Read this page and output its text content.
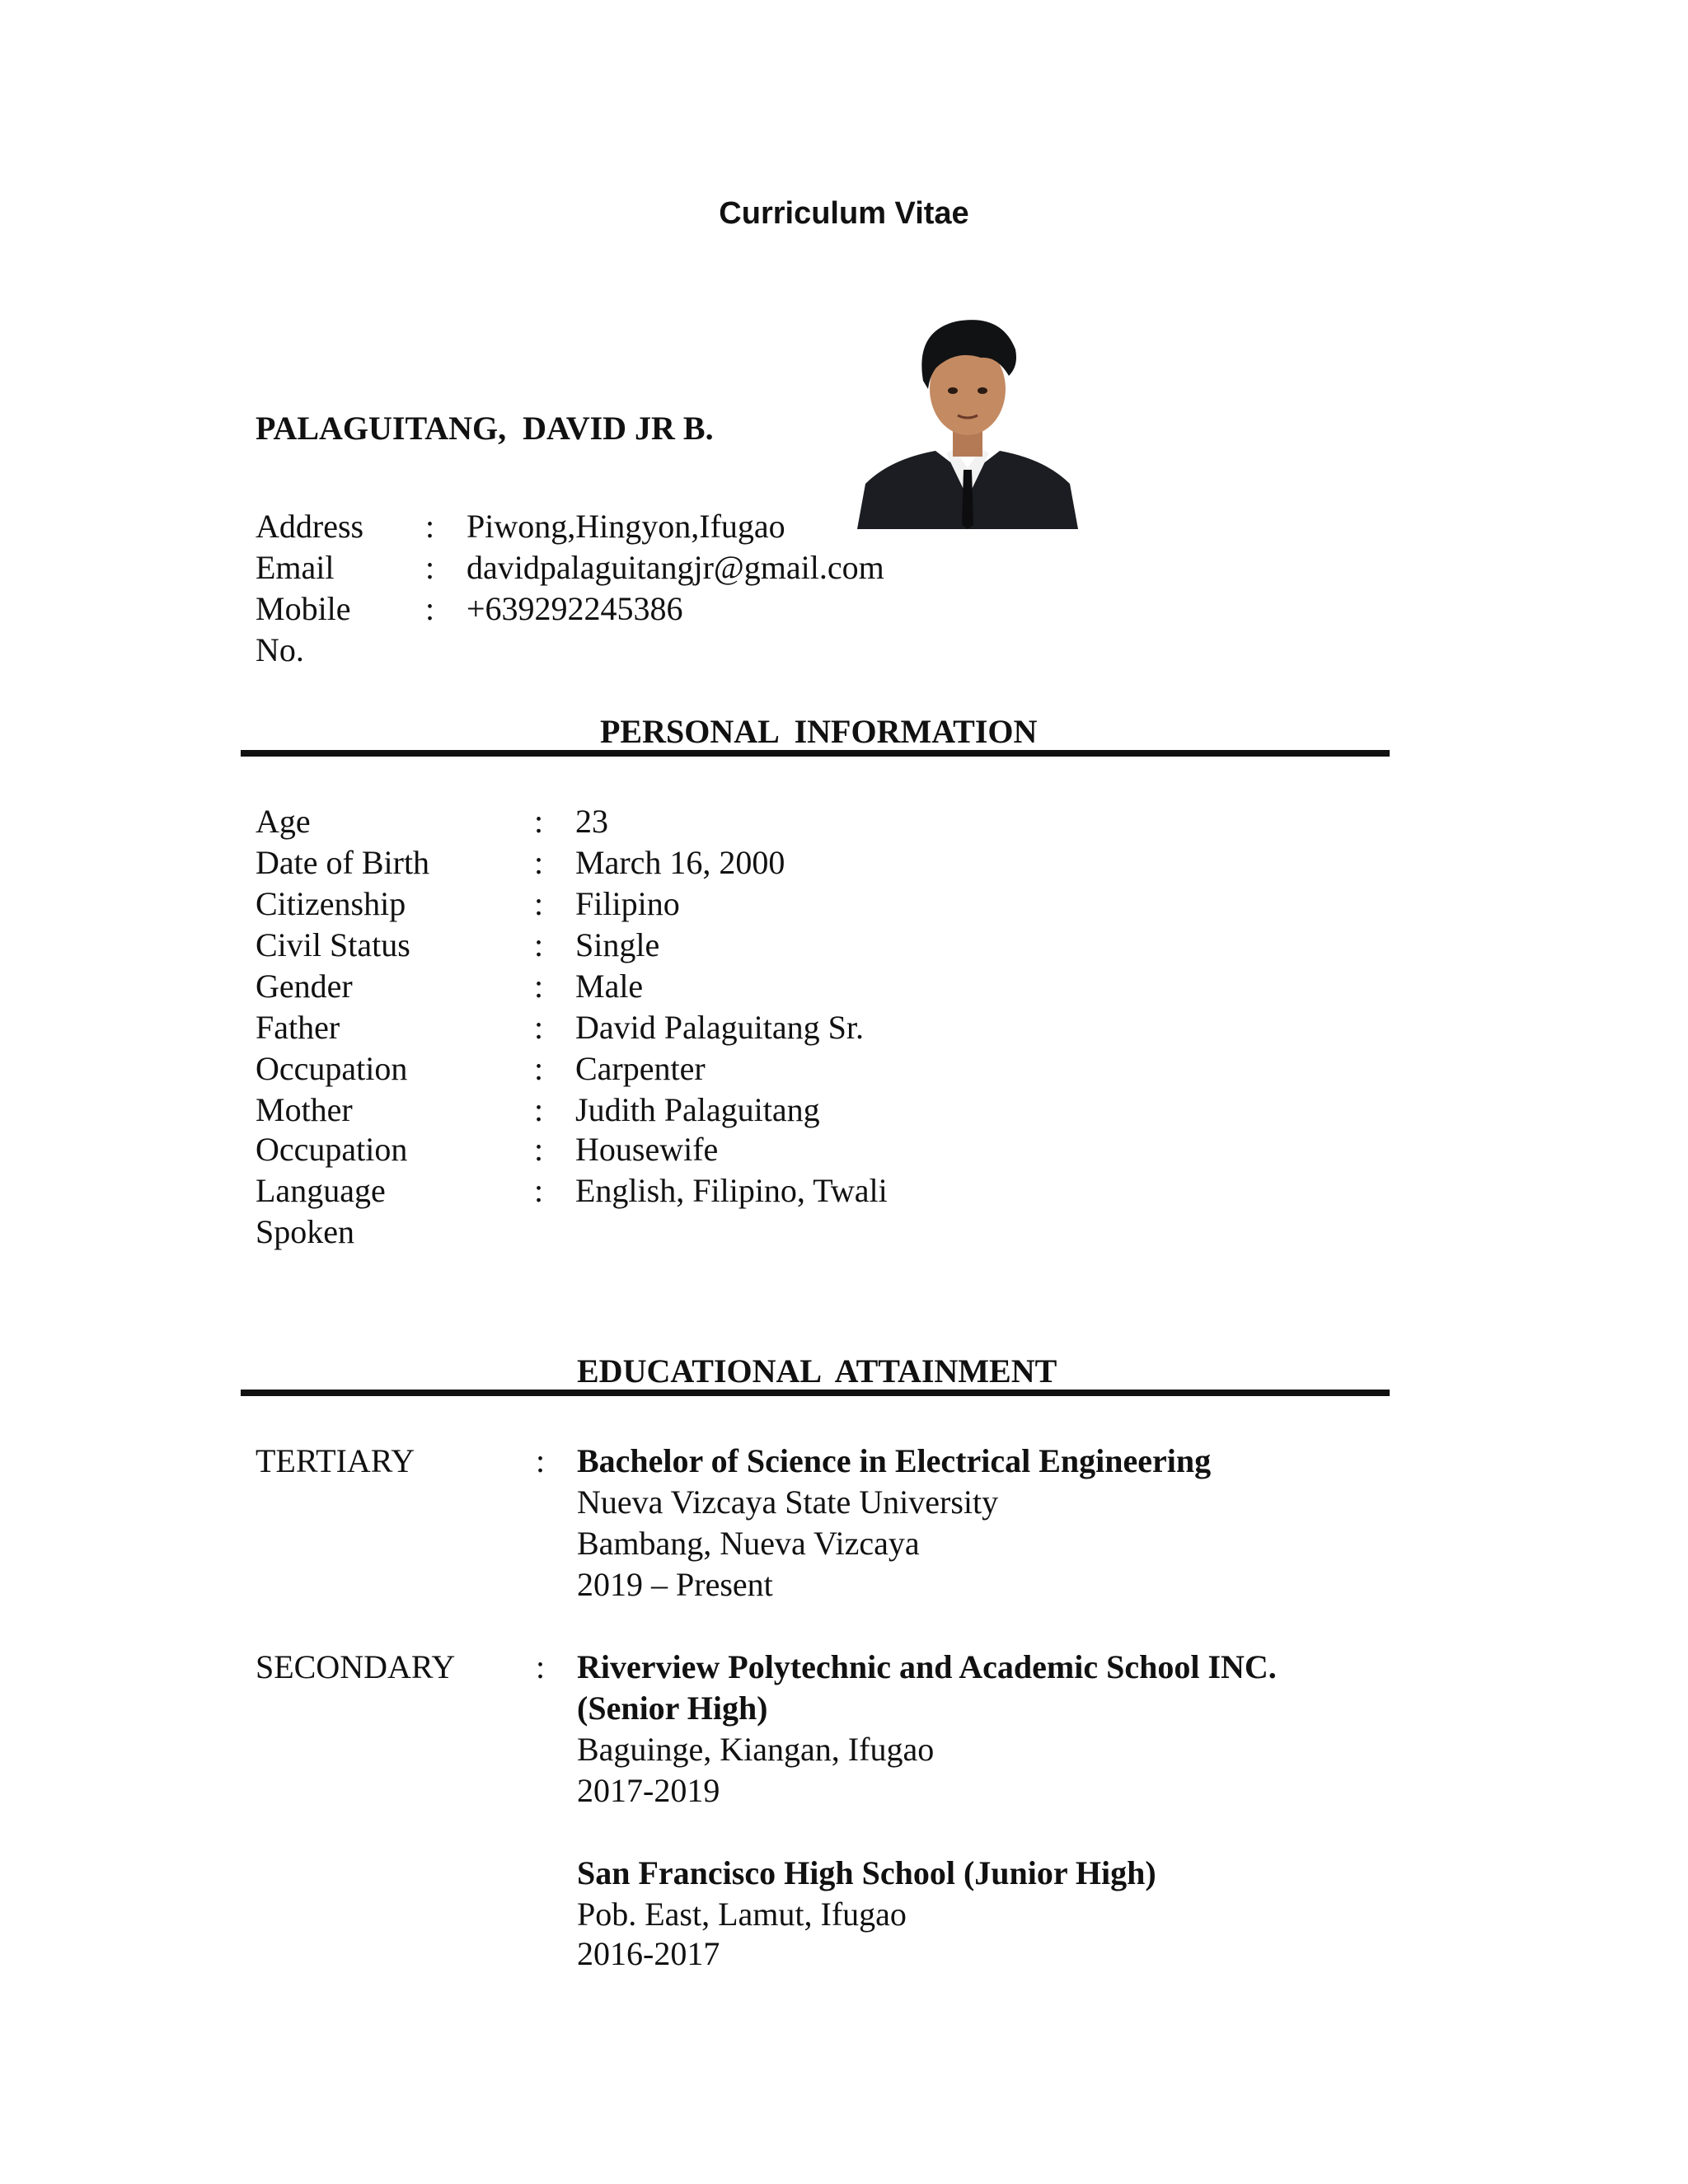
Curriculum Vitae
PALAGUITANG,  DAVID JR B.
Address : Piwong,Hingyon,Ifugao
Email	: davidpalaguitangjr@gmail.com
Mobile : +639292245386
No.
PERSONAL  INFORMATION
Age	: 23
Date of Birth	: March 16, 2000
Citizenship	: Filipino
Civil Status	: Single
Gender	: Male
Father	: David Palaguitang Sr.
Occupation	: Carpenter
Mother	: Judith Palaguitang
Occupation	: Housewife
Language	: English, Filipino, Twali
Spoken
EDUCATIONAL  ATTAINMENT
TERTIARY	: Bachelor of Science in Electrical Engineering
Nueva Vizcaya State University
Bambang, Nueva Vizcaya
2019 – Present
SECONDARY : Riverview Polytechnic and Academic School INC.
(Senior High)
Baguinge, Kiangan, Ifugao
2017-2019
San Francisco High School (Junior High)
Pob. East, Lamut, Ifugao
2016-2017
